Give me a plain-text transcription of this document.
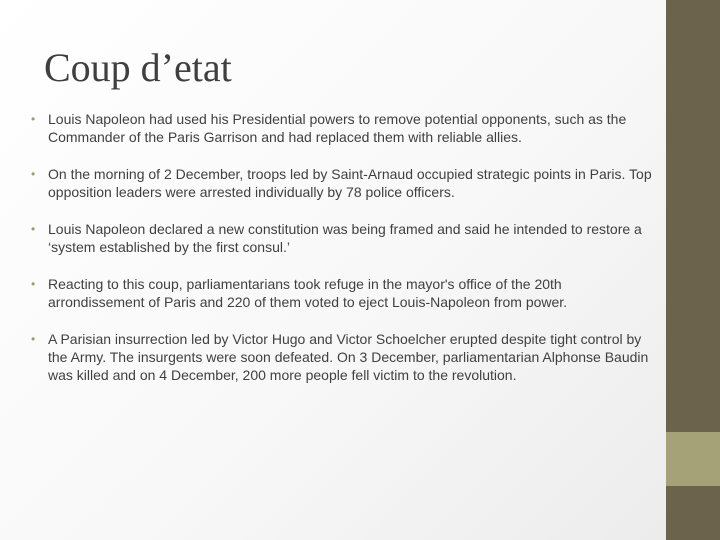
Coup d’etat
• Louis Napoleon had used his Presidential powers to remove potential opponents, such as the Commander of the Paris Garrison and had replaced them with reliable allies.
• On the morning of 2 December, troops led by Saint-Arnaud occupied strategic points in Paris. Top opposition leaders were arrested individually by 78 police officers.
• Louis Napoleon declared a new constitution was being framed and said he intended to restore a ‘system established by the first consul.’
• Reacting to this coup, parliamentarians took refuge in the mayor's office of the 20th arrondissement of Paris and 220 of them voted to eject Louis-Napoleon from power.
• A Parisian insurrection led by Victor Hugo and Victor Schoelcher erupted despite tight control by the Army. The insurgents were soon defeated. On 3 December, parliamentarian Alphonse Baudin was killed and on 4 December, 200 more people fell victim to the revolution.
